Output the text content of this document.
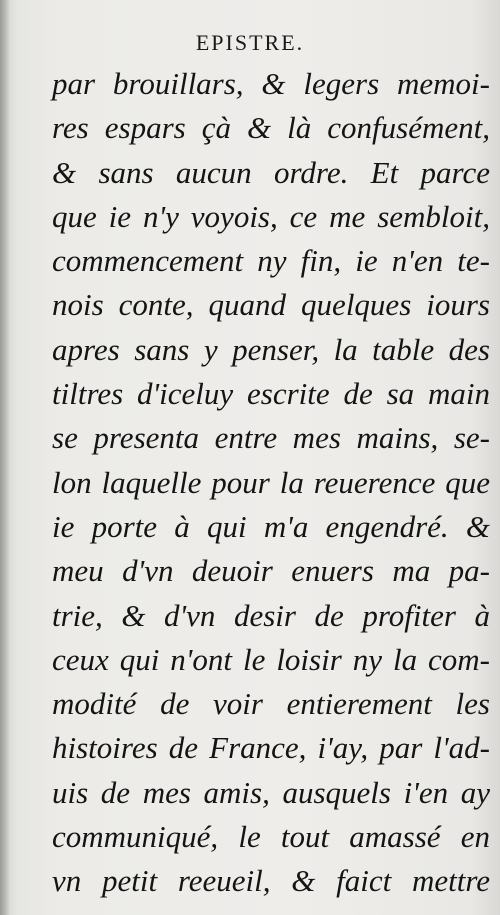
EPISTRE.
par brouillars, & legers memoi-
res espars çà & là confusément,
& sans aucun ordre. Et parce
que ie n'y voyois, ce me sembloit,
commencement ny fin, ie n'en te-
nois conte, quand quelques iours
apres sans y penser, la table des
tiltres d'iceluy escrite de sa main
se presenta entre mes mains, se-
lon laquelle pour la reuerence que
ie porte à qui m'a engendré. &
meu d'vn deuoir enuers ma pa-
trie, & d'vn desir de profiter à
ceux qui n'ont le loisir ny la com-
modité de voir entierement les
histoires de France, i'ay, par l'ad-
uis de mes amis, ausquels i'en ay
communiqué, le tout amassé en
vn petit reeueil, & faict mettre
